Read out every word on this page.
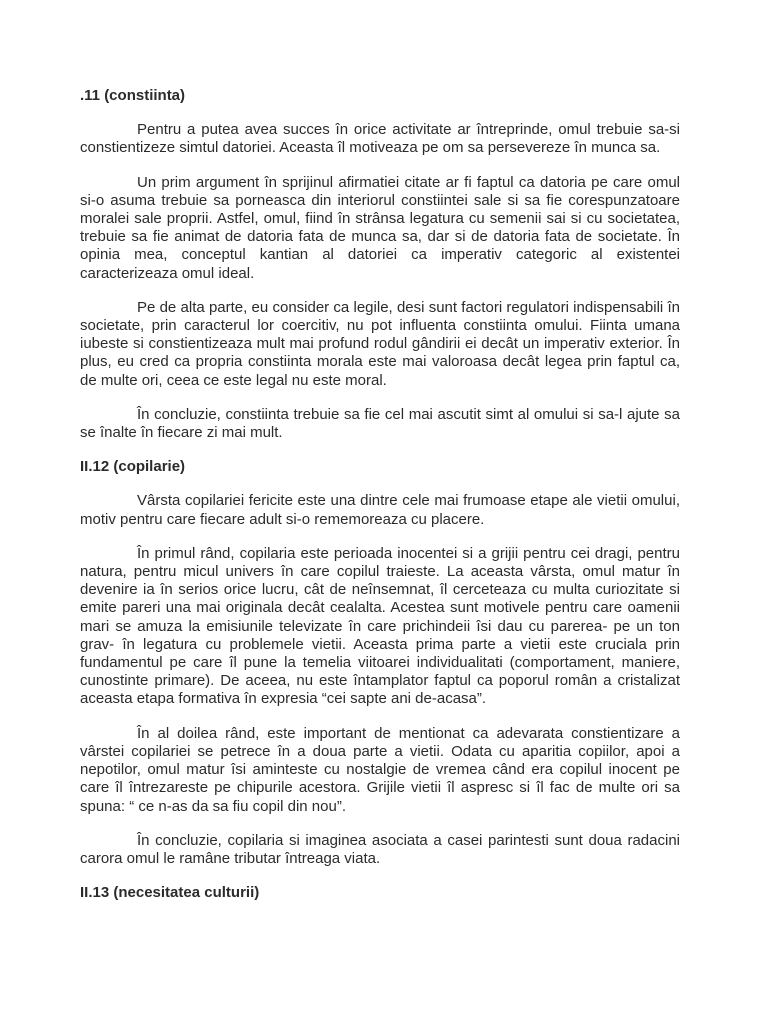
.11 (constiinta)

Pentru a putea avea succes în orice activitate ar întreprinde, omul trebuie sa-si constientizeze simtul datoriei. Aceasta îl motiveaza pe om sa persevereze în munca sa.

Un prim argument în sprijinul afirmatiei citate ar fi faptul ca datoria pe care omul si-o asuma trebuie sa porneasca din interiorul constiintei sale si sa fie corespunzatoare moralei sale proprii. Astfel, omul, fiind în strânsa legatura cu semenii sai si cu societatea, trebuie sa fie animat de datoria fata de munca sa, dar si de datoria fata de societate. În opinia mea, conceptul kantian al datoriei ca imperativ categoric al existentei caracterizeaza omul ideal.

Pe de alta parte, eu consider ca legile, desi sunt factori regulatori indispensabili în societate, prin caracterul lor coercitiv, nu pot influenta constiinta omului. Fiinta umana iubeste si constientizeaza mult mai profund rodul gândirii ei decât un imperativ exterior. În plus, eu cred ca propria constiinta morala este mai valoroasa decât legea prin faptul ca, de multe ori, ceea ce este legal nu este moral.

În concluzie, constiinta trebuie sa fie cel mai ascutit simt al omului si sa-l ajute sa se înalte în fiecare zi mai mult.

II.12 (copilarie)

Vârsta copilariei fericite este una dintre cele mai frumoase etape ale vietii omului, motiv pentru care fiecare adult si-o rememoreaza cu placere.

În primul rând, copilaria este perioada inocentei si a grijii pentru cei dragi, pentru natura, pentru micul univers în care copilul traieste. La aceasta vârsta, omul matur în devenire ia în serios orice lucru, cât de neînsemnat, îl cerceteaza cu multa curiozitate si emite pareri una mai originala decât cealalta. Acestea sunt motivele pentru care oamenii mari se amuza la emisiunile televizate în care prichindeii îsi dau cu parerea- pe un ton grav- în legatura cu problemele vietii. Aceasta prima parte a vietii este cruciala prin fundamentul pe care îl pune la temelia viitoarei individualitati (comportament, maniere, cunostinte primare). De aceea, nu este întamplator faptul ca poporul român a cristalizat aceasta etapa formativa în expresia “cei sapte ani de-acasa”.

În al doilea rând, este important de mentionat ca adevarata constientizare a vârstei copilariei se petrece în a doua parte a vietii. Odata cu aparitia copiilor, apoi a nepotilor, omul matur îsi aminteste cu nostalgie de vremea când era copilul inocent pe care îl întrezareste pe chipurile acestora. Grijile vietii îl aspresc si îl fac de multe ori sa spuna: “ ce n-as da sa fiu copil din nou”.

În concluzie, copilaria si imaginea asociata a casei parintesti sunt doua radacini carora omul le ramâne tributar întreaga viata.

II.13 (necesitatea culturii)
